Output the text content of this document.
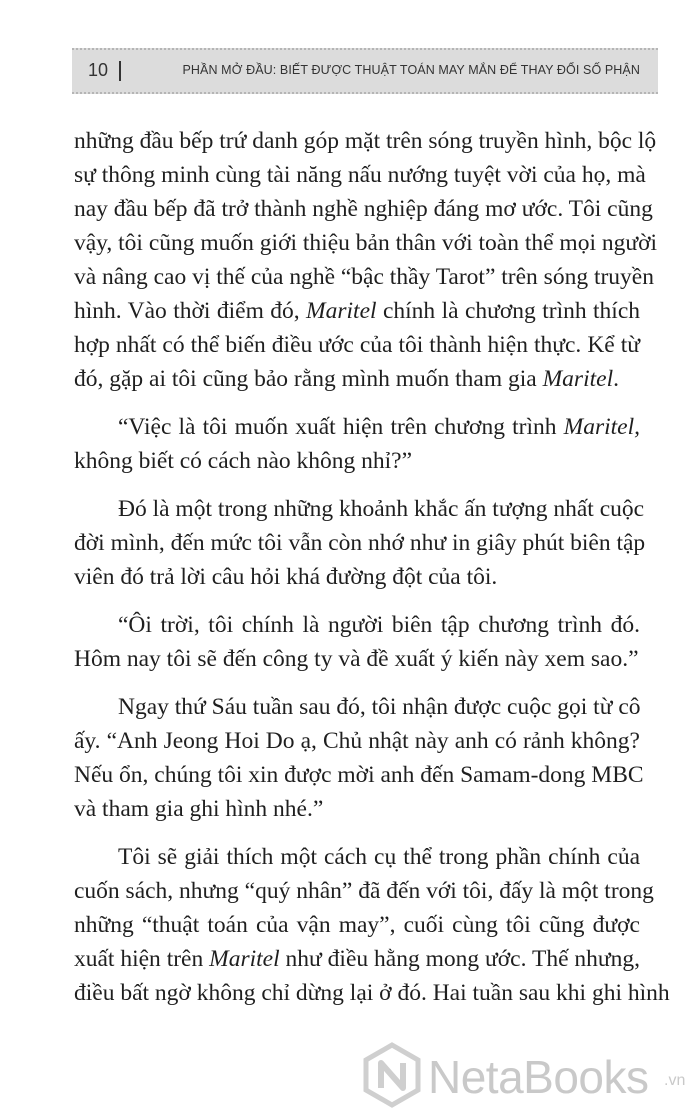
10	PHẦN MỞ ĐẦU: BIẾT ĐƯỢC THUẬT TOÁN MAY MẮN ĐỂ THAY ĐỔI SỐ PHẬN

những đầu bếp trứ danh góp mặt trên sóng truyền hình, bộc lộ
sự thông minh cùng tài năng nấu nướng tuyệt vời của họ, mà
nay đầu bếp đã trở thành nghề nghiệp đáng mơ ước. Tôi cũng
vậy, tôi cũng muốn giới thiệu bản thân với toàn thể mọi người
và nâng cao vị thế của nghề “bậc thầy Tarot” trên sóng truyền
hình. Vào thời điểm đó, Maritel chính là chương trình thích
hợp nhất có thể biến điều ước của tôi thành hiện thực. Kể từ
đó, gặp ai tôi cũng bảo rằng mình muốn tham gia Maritel.

“Việc là tôi muốn xuất hiện trên chương trình Maritel,
không biết có cách nào không nhỉ?”

Đó là một trong những khoảnh khắc ấn tượng nhất cuộc
đời mình, đến mức tôi vẫn còn nhớ như in giây phút biên tập
viên đó trả lời câu hỏi khá đường đột của tôi.

“Ôi trời, tôi chính là người biên tập chương trình đó.
Hôm nay tôi sẽ đến công ty và đề xuất ý kiến này xem sao.”

Ngay thứ Sáu tuần sau đó, tôi nhận được cuộc gọi từ cô
ấy. “Anh Jeong Hoi Do ạ, Chủ nhật này anh có rảnh không?
Nếu ổn, chúng tôi xin được mời anh đến Samam-dong MBC
và tham gia ghi hình nhé.”

Tôi sẽ giải thích một cách cụ thể trong phần chính của
cuốn sách, nhưng “quý nhân” đã đến với tôi, đấy là một trong
những “thuật toán của vận may”, cuối cùng tôi cũng được
xuất hiện trên Maritel như điều hằng mong ước. Thế nhưng,
điều bất ngờ không chỉ dừng lại ở đó. Hai tuần sau khi ghi hình

NetaBooks .vn
